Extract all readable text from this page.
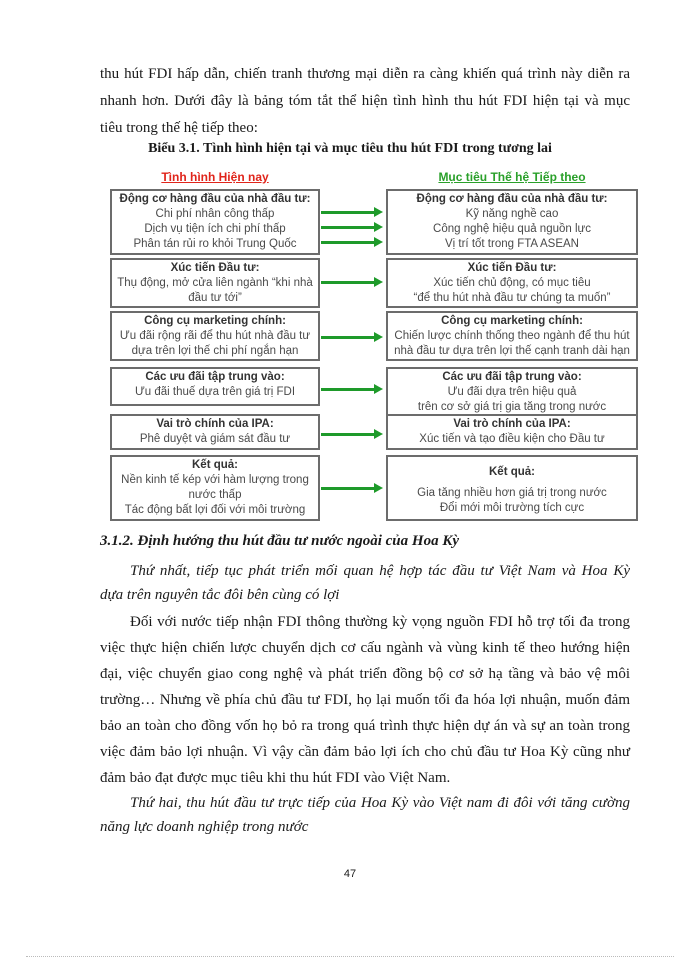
thu hút FDI hấp dẫn, chiến tranh thương mại diễn ra càng khiến quá trình này diễn ra
nhanh hơn. Dưới đây là bảng tóm tắt thể hiện tình hình thu hút FDI hiện tại và mục
tiêu trong thế hệ tiếp theo:
Biểu 3.1. Tình hình hiện tại và mục tiêu thu hút FDI trong tương lai
Tình hình Hiện nay	Mục tiêu Thế hệ Tiếp theo
Động cơ hàng đầu của nhà đầu tư:
Chi phí nhân công thấp
Dịch vụ tiện ích chi phí thấp
Phân tán rủi ro khỏi Trung Quốc
Xúc tiến Đầu tư:
Thụ động, mở cửa liên ngành “khi nhà
đầu tư tới”
Công cụ marketing chính:
Ưu đãi rộng rãi để thu hút nhà đầu tư
dựa trên lợi thế chi phí ngắn hạn
Các ưu đãi tập trung vào:
Ưu đãi thuế dựa trên giá trị FDI
Vai trò chính của IPA:
Phê duyệt và giám sát đầu tư
Kết quả:
Nền kinh tế kép với hàm lượng trong
nước thấp
Tác động bất lợi đối với môi trường
Động cơ hàng đầu của nhà đầu tư:
Kỹ năng nghề cao
Công nghệ hiệu quả nguồn lực
Vị trí tốt trong FTA ASEAN
Xúc tiến Đầu tư:
Xúc tiến chủ động, có mục tiêu
“để thu hút nhà đầu tư chúng ta muốn”
Công cụ marketing chính:
Chiến lược chính thống theo ngành để thu hút
nhà đầu tư dựa trên lợi thế cạnh tranh dài hạn
Các ưu đãi tập trung vào:
Ưu đãi dựa trên hiệu quả
trên cơ sở giá trị gia tăng trong nước
Vai trò chính của IPA:
Xúc tiến và tạo điều kiện cho Đầu tư
Kết quả:
Gia tăng nhiều hơn giá trị trong nước
Đổi mới môi trường tích cực
3.1.2. Định hướng thu hút đầu tư nước ngoài của Hoa Kỳ
Thứ nhất, tiếp tục phát triển mối quan hệ hợp tác đầu tư Việt Nam và Hoa Kỳ
dựa trên nguyên tắc đôi bên cùng có lợi
Đối với nước tiếp nhận FDI thông thường kỳ vọng nguồn FDI hỗ trợ tối đa trong
việc thực hiện chiến lược chuyển dịch cơ cấu ngành và vùng kinh tế theo hướng hiện
đại, việc chuyển giao cong nghệ và phát triển đồng bộ cơ sở hạ tầng và bảo vệ môi
trường… Nhưng về phía chủ đầu tư FDI, họ lại muốn tối đa hóa lợi nhuận, muốn đảm
bảo an toàn cho đồng vốn họ bỏ ra trong quá trình thực hiện dự án và sự an toàn trong
việc đảm bảo lợi nhuận. Vì vậy cần đảm bảo lợi ích cho chủ đầu tư Hoa Kỳ cũng như
đảm bảo đạt được mục tiêu khi thu hút FDI vào Việt Nam.
Thứ hai, thu hút đầu tư trực tiếp của Hoa Kỳ vào Việt nam đi đôi với tăng cường
năng lực doanh nghiệp trong nước
47
